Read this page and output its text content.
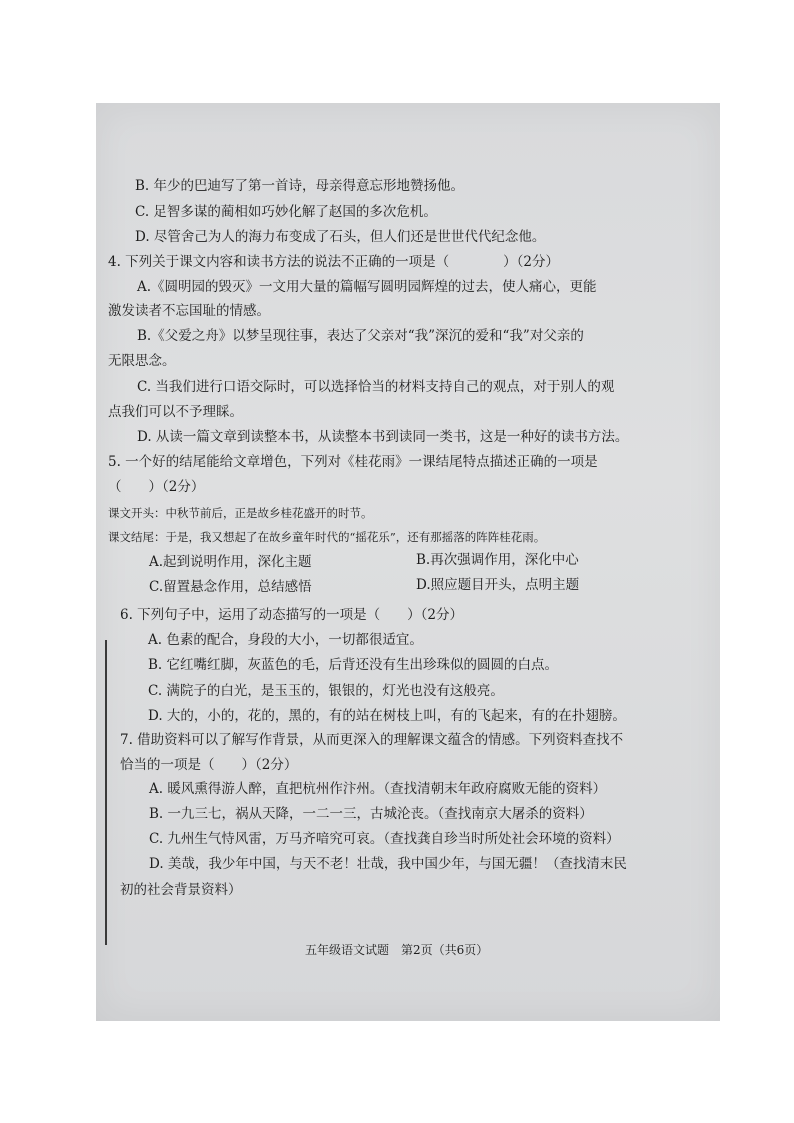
B. 年少的巴迪写了第一首诗，母亲得意忘形地赞扬他。
C. 足智多谋的蔺相如巧妙化解了赵国的多次危机。
D. 尽管舍己为人的海力布变成了石头，但人们还是世世代代纪念他。
4. 下列关于课文内容和读书方法的说法不正确的一项是（　　　　）（2分）
A.《圆明园的毁灭》一文用大量的篇幅写圆明园辉煌的过去，使人痛心，更能
激发读者不忘国耻的情感。
B.《父爱之舟》以梦呈现往事，表达了父亲对“我”深沉的爱和“我”对父亲的
无限思念。
C. 当我们进行口语交际时，可以选择恰当的材料支持自己的观点，对于别人的观
点我们可以不予理睬。
D. 从读一篇文章到读整本书，从读整本书到读同一类书，这是一种好的读书方法。
5. 一个好的结尾能给文章增色，下列对《桂花雨》一课结尾特点描述正确的一项是
（　　）（2分）
课文开头：中秋节前后，正是故乡桂花盛开的时节。
课文结尾：于是，我又想起了在故乡童年时代的“摇花乐”，还有那摇落的阵阵桂花雨。
A.起到说明作用，深化主题	B.再次强调作用，深化中心
C.留置悬念作用，总结感悟	D.照应题目开头，点明主题
6. 下列句子中，运用了动态描写的一项是（　　）（2分）
A. 色素的配合，身段的大小，一切都很适宜。
B. 它红嘴红脚，灰蓝色的毛，后背还没有生出珍珠似的圆圆的白点。
C. 满院子的白光，是玉玉的，银银的，灯光也没有这般亮。
D. 大的，小的，花的，黑的，有的站在树枝上叫，有的飞起来，有的在扑翅膀。
7. 借助资料可以了解写作背景，从而更深入的理解课文蕴含的情感。下列资料查找不
恰当的一项是（　　）（2分）
A. 暖风熏得游人醉，直把杭州作汴州。（查找清朝末年政府腐败无能的资料）
B. 一九三七，祸从天降，一二一三，古城沦丧。（查找南京大屠杀的资料）
C. 九州生气恃风雷，万马齐喑究可哀。（查找龚自珍当时所处社会环境的资料）
D. 美哉，我少年中国，与天不老！壮哉，我中国少年，与国无疆！（查找清末民
初的社会背景资料）
五年级语文试题　第2页（共6页）
